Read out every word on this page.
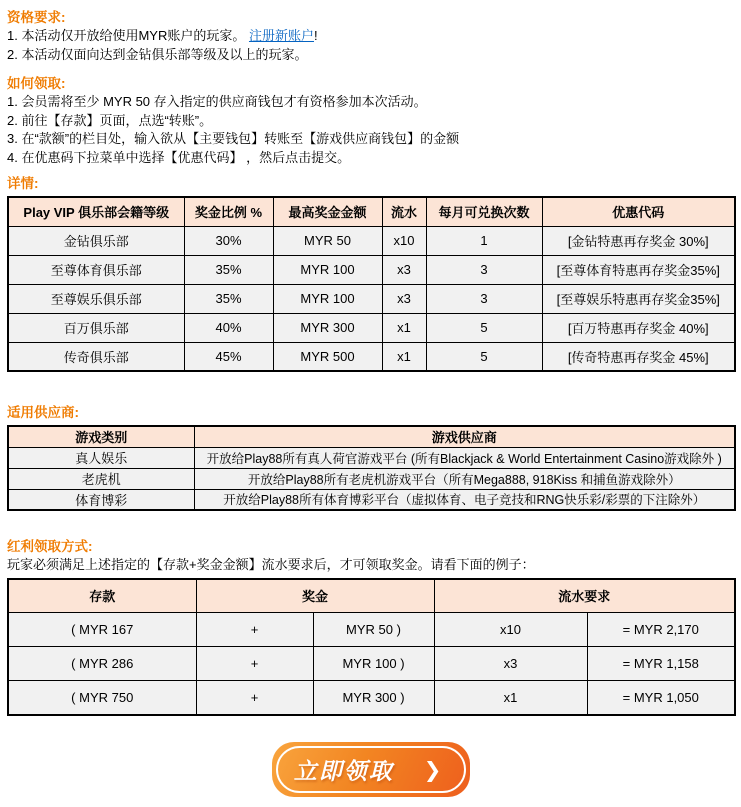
资格要求:
1. 本活动仅开放给使用MYR账户的玩家。 注册新账户!
2. 本活动仅面向达到金钻俱乐部等级及以上的玩家。
如何领取:
1. 会员需将至少 MYR 50 存入指定的供应商钱包才有资格参加本次活动。
2. 前往【存款】页面，点选“转账”。
3. 在“款额”的栏目处，输入欲从【主要钱包】转账至【游戏供应商钱包】的金额
4. 在优惠码下拉菜单中选择【优惠代码】 ，然后点击提交。
详情:
Play VIP 俱乐部会籍等级	奖金比例 %	最高奖金金额	流水	每月可兑换次数	优惠代码
金钻俱乐部	30%	MYR 50	x10	1	[金钻特惠再存奖金 30%]
至尊体育俱乐部	35%	MYR 100	x3	3	[至尊体育特惠再存奖金35%]
至尊娱乐俱乐部	35%	MYR 100	x3	3	[至尊娱乐特惠再存奖金35%]
百万俱乐部	40%	MYR 300	x1	5	[百万特惠再存奖金 40%]
传奇俱乐部	45%	MYR 500	x1	5	[传奇特惠再存奖金 45%]
适用供应商:
游戏类别	游戏供应商
真人娱乐	开放给Play88所有真人荷官游戏平台 (所有Blackjack & World Entertainment Casino游戏除外 )
老虎机	开放给Play88所有老虎机游戏平台（所有Mega888, 918Kiss 和捕鱼游戏除外）
体育博彩	开放给Play88所有体育博彩平台（虚拟体育、电子竞技和RNG快乐彩/彩票的下注除外）
红利领取方式:
玩家必须满足上述指定的【存款+奖金金额】流水要求后，才可领取奖金。请看下面的例子：
存款	奖金		流水要求	
( MYR 167	+	MYR 50 )	x10	= MYR 2,170
( MYR 286	+	MYR 100 )	x3	= MYR 1,158
( MYR 750	+	MYR 300 )	x1	= MYR 1,050
立即领取 ❯
